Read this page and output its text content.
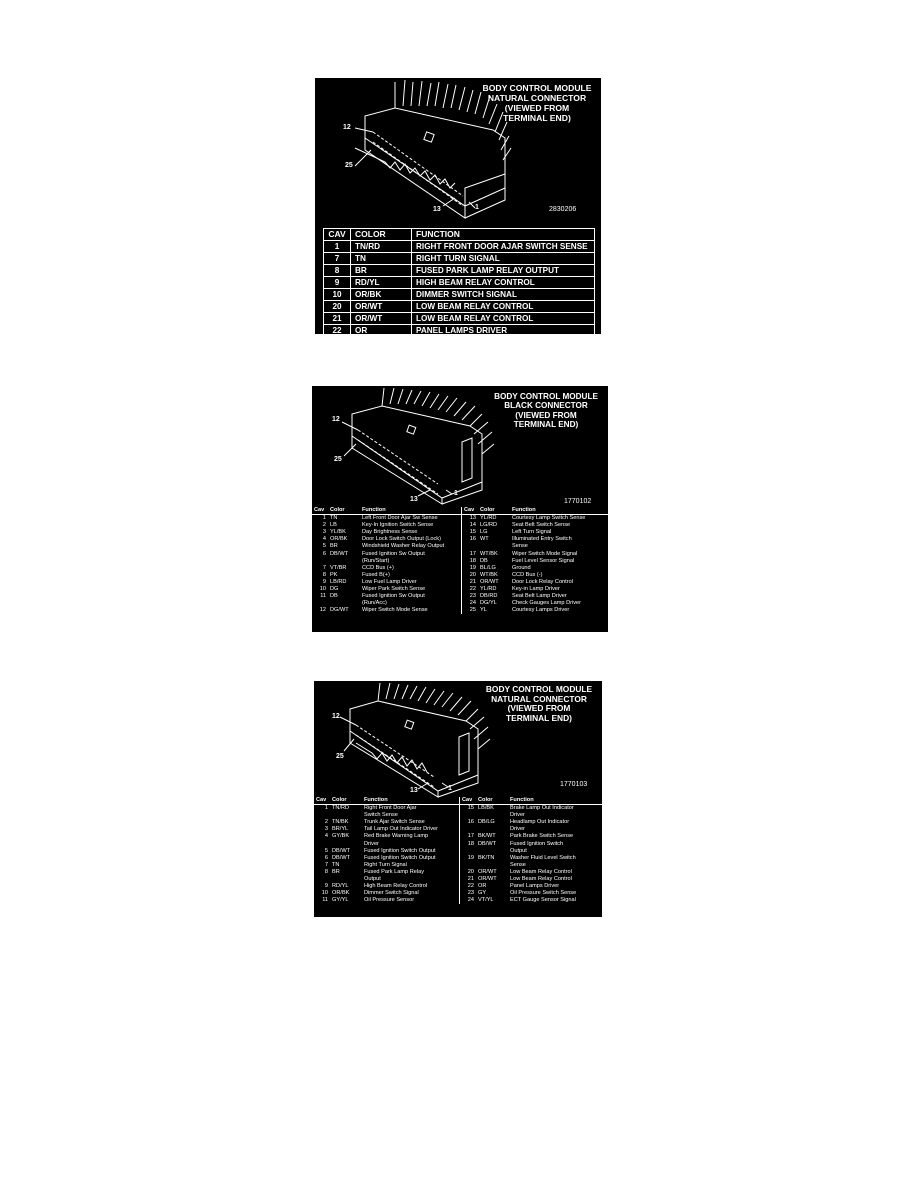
BODY CONTROL MODULE
NATURAL CONNECTOR
(VIEWED FROM
TERMINAL END)
12
25
13	1	2830206
CAV	COLOR	FUNCTION
1	TN/RD	RIGHT FRONT DOOR AJAR SWITCH SENSE
7	TN	RIGHT TURN SIGNAL
8	BR	FUSED PARK LAMP RELAY OUTPUT
9	RD/YL	HIGH BEAM RELAY CONTROL
10	OR/BK	DIMMER SWITCH SIGNAL
20	OR/WT	LOW BEAM RELAY CONTROL
21	OR/WT	LOW BEAM RELAY CONTROL
22	OR	PANEL LAMPS DRIVER
BODY CONTROL MODULE
BLACK CONNECTOR
(VIEWED FROM
TERMINAL END)
12
25
13
1
1770102
Cav	Color	Function
1	TN	Left Front Door Ajar Sw Sense
2	LB	Key-In Ignition Switch Sense
3	YL/BK	Day Brightness Sense
4	OR/BK	Door Lock Switch Output (Lock)
5	BR	Windshield Washer Relay Output
6	DB/WT	Fused Ignition Sw Output
		(Run/Start)
7	VT/BR	CCD Bus (+)
8	PK	Fused B(+)
9	LB/RD	Low Fuel Lamp Driver
10	DG	Wiper Park Switch Sense
11	DB	Fused Ignition Sw Output
		(Run/Acc)
12	DG/WT	Wiper Switch Mode Sense
Cav	Color	Function
13	YL/RD	Courtesy Lamp Switch Sense
14	LG/RD	Seat Belt Switch Sense
15	LG	Left Turn Signal
16	WT	Illuminated Entry Switch
		Sense
17	WT/BK	Wiper Switch Mode Signal
18	DB	Fuel Level Sensor Signal
19	BL/LG	Ground
20	WT/BK	CCD Bus (-)
21	OR/WT	Door Lock Relay Control
22	YL/RD	Key-in Lamp Driver
23	DB/RD	Seat Belt Lamp Driver
24	DG/YL	Check Gauges Lamp Driver
25	YL	Courtesy Lamps Driver
BODY CONTROL MODULE
NATURAL CONNECTOR
(VIEWED FROM
TERMINAL END)
12
25
13	1
1770103
Cav	Color	Function
1	TN/RD	Right Front Door Ajar
		Switch Sense
2	TN/BK	Trunk Ajar Switch Sense
3	BR/YL	Tail Lamp Out Indicator Driver
4	GY/BK	Red Brake Warning Lamp
		Driver
5	DB/WT	Fused Ignition Switch Output
6	DB/WT	Fused Ignition Switch Output
7	TN	Right Turn Signal
8	BR	Fused Park Lamp Relay
		Output
9	RD/YL	High Beam Relay Control
10	OR/BK	Dimmer Switch Signal
11	GY/YL	Oil Pressure Sensor
Cav	Color	Function
15	LB/BK	Brake Lamp Out Indicator
		Driver
16	DB/LG	Headlamp Out Indicator
		Driver
17	BK/WT	Park Brake Switch Sense
18	DB/WT	Fused Ignition Switch
		Output
19	BK/TN	Washer Fluid Level Switch
		Sense
20	OR/WT	Low Beam Relay Control
21	OR/WT	Low Beam Relay Control
22	OR	Panel Lamps Driver
23	GY	Oil Pressure Switch Sense
24	VT/YL	ECT Gauge Sensor Signal
